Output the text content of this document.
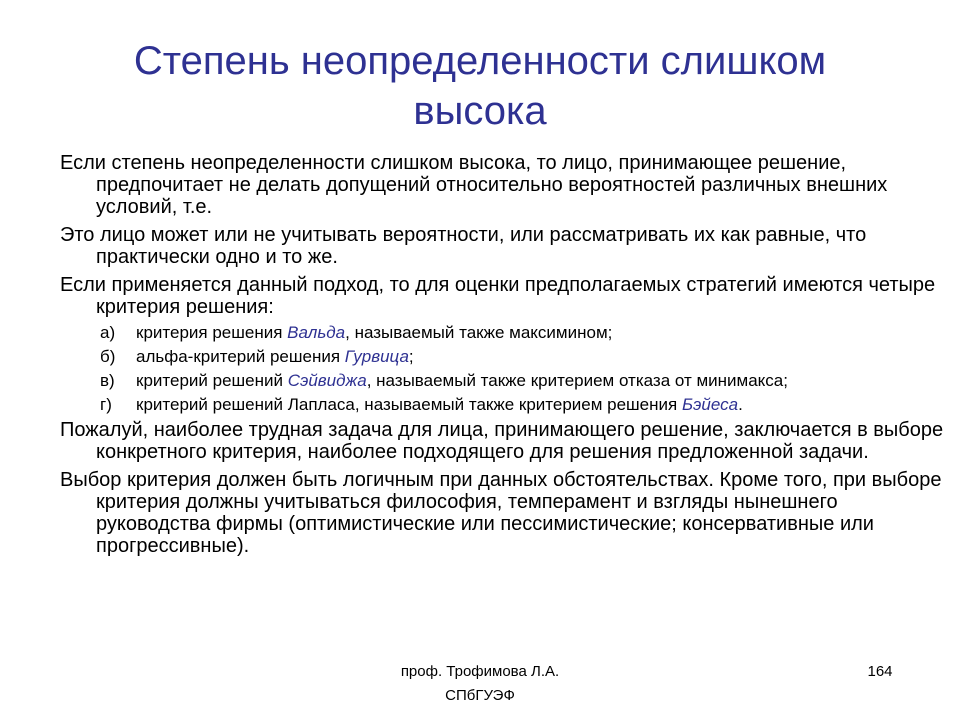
Степень неопределенности слишком
высока

Если степень неопределенности слишком высока, то лицо, принимающее решение, предпочитает не делать допущений относительно вероятностей различных внешних условий, т.е.

Это лицо может или не учитывать вероятности, или рассматривать их как равные, что практически одно и то же.

Если применяется данный подход, то для оценки предполагаемых стратегий имеются четыре критерия решения:

а) критерия решения Вальда, называемый также максимином;
б) альфа-критерий решения Гурвица;
в) критерий решений Сэйвиджа, называемый также критерием отказа от минимакса;
г) критерий решений Лапласа, называемый также критерием решения Бэйеса.

Пожалуй, наиболее трудная задача для лица, принимающего решение, заключается в выборе конкретного критерия, наиболее подходящего для решения предложенной задачи.

Выбор критерия должен быть логичным при данных обстоятельствах. Кроме того, при выборе критерия должны учитываться философия, темперамент и взгляды нынешнего руководства фирмы (оптимистические или пессимистические; консервативные или прогрессивные).

проф. Трофимова Л.А.
СПбГУЭФ
164
